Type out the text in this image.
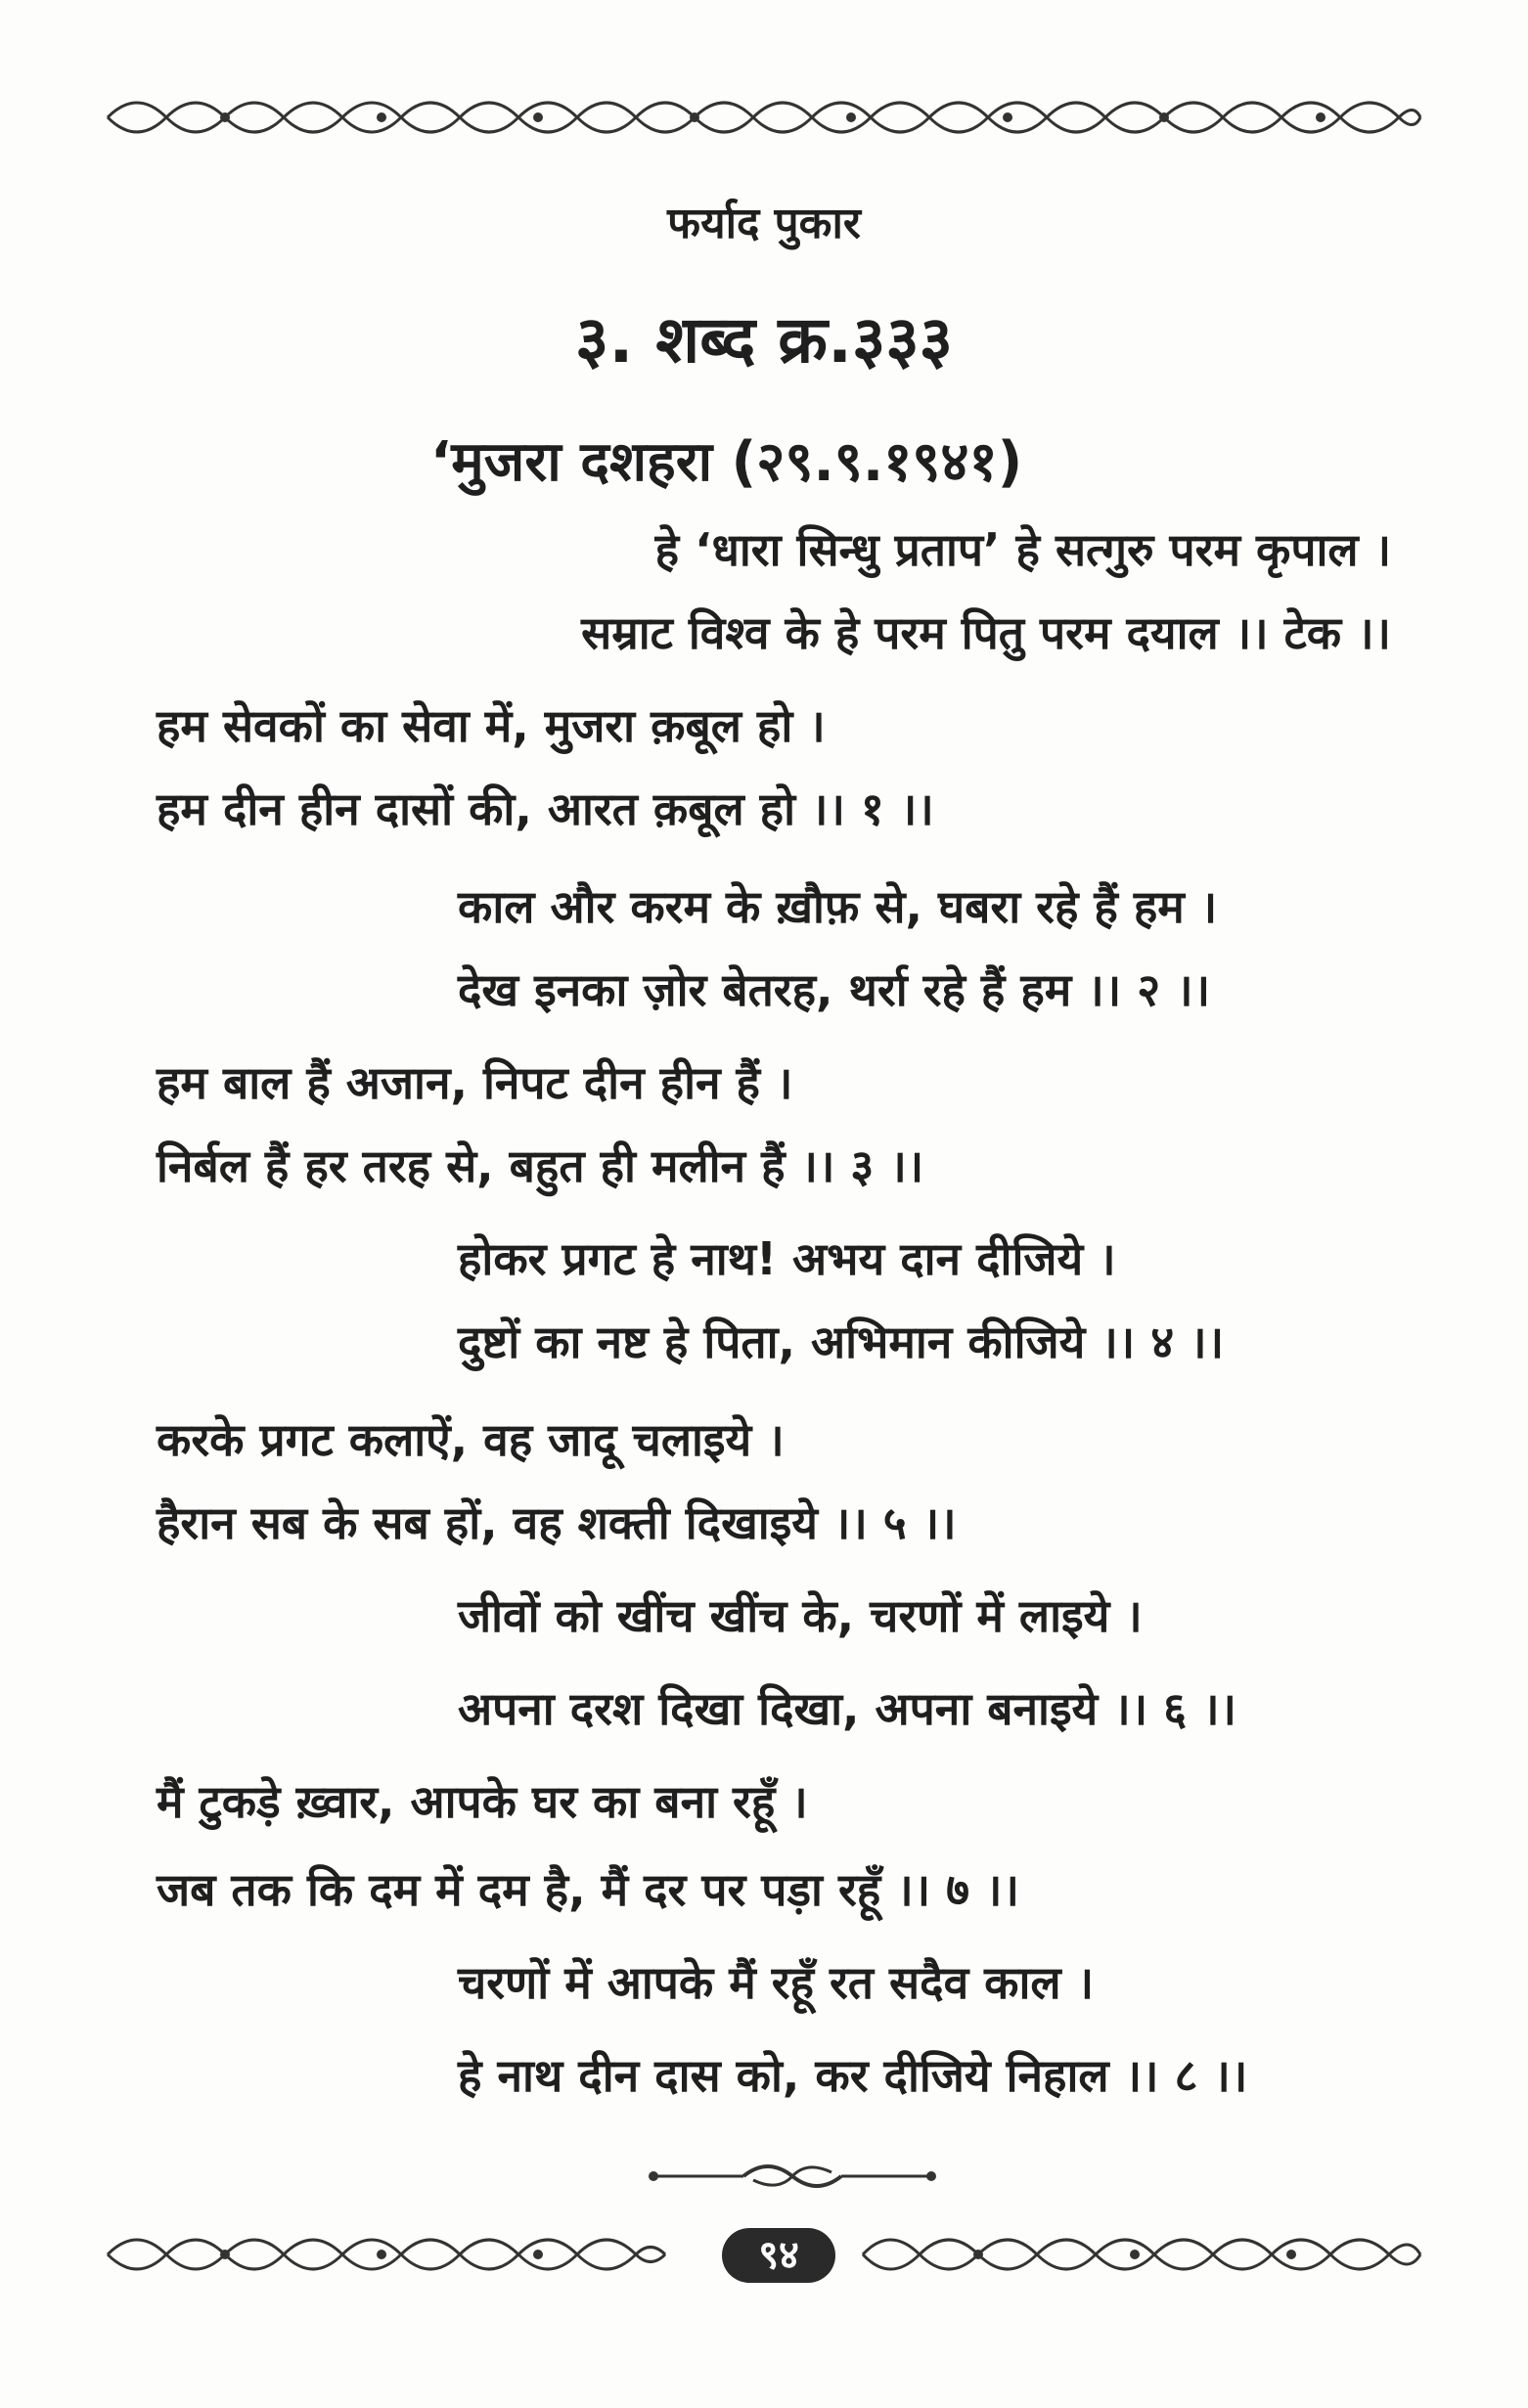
फर्याद पुकार
३. शब्द क्र.३३३
‘मुजरा दशहरा (२९.९.१९४१)
हे ‘धारा सिन्धु प्रताप’ हे सत्गुरु परम कृपाल ।
सम्राट विश्व के हे परम पितु परम दयाल ।। टेक ।।
हम सेवकों का सेवा में, मुजरा क़बूल हो ।
हम दीन हीन दासों की, आरत क़बूल हो ।। १ ।।
काल और करम के ख़ौफ़ से, घबरा रहे हैं हम ।
देख इनका ज़ोर बेतरह, थर्रा रहे हैं हम ।। २ ।।
हम बाल हैं अजान, निपट दीन हीन हैं ।
निर्बल हैं हर तरह से, बहुत ही मलीन हैं ।। ३ ।।
होकर प्रगट हे नाथ! अभय दान दीजिये ।
दुष्टों का नष्ट हे पिता, अभिमान कीजिये ।। ४ ।।
करके प्रगट कलाऐं, वह जादू चलाइये ।
हैरान सब के सब हों, वह शक्ती दिखाइये ।। ५ ।।
जीवों को खींच खींच के, चरणों में लाइये ।
अपना दरश दिखा दिखा, अपना बनाइये ।। ६ ।।
मैं टुकड़े ख़्वार, आपके घर का बना रहूँ ।
जब तक कि दम में दम है, मैं दर पर पड़ा रहूँ ।। ७ ।।
चरणों में आपके मैं रहूँ रत सदैव काल ।
हे नाथ दीन दास को, कर दीजिये निहाल ।। ८ ।।
९४
